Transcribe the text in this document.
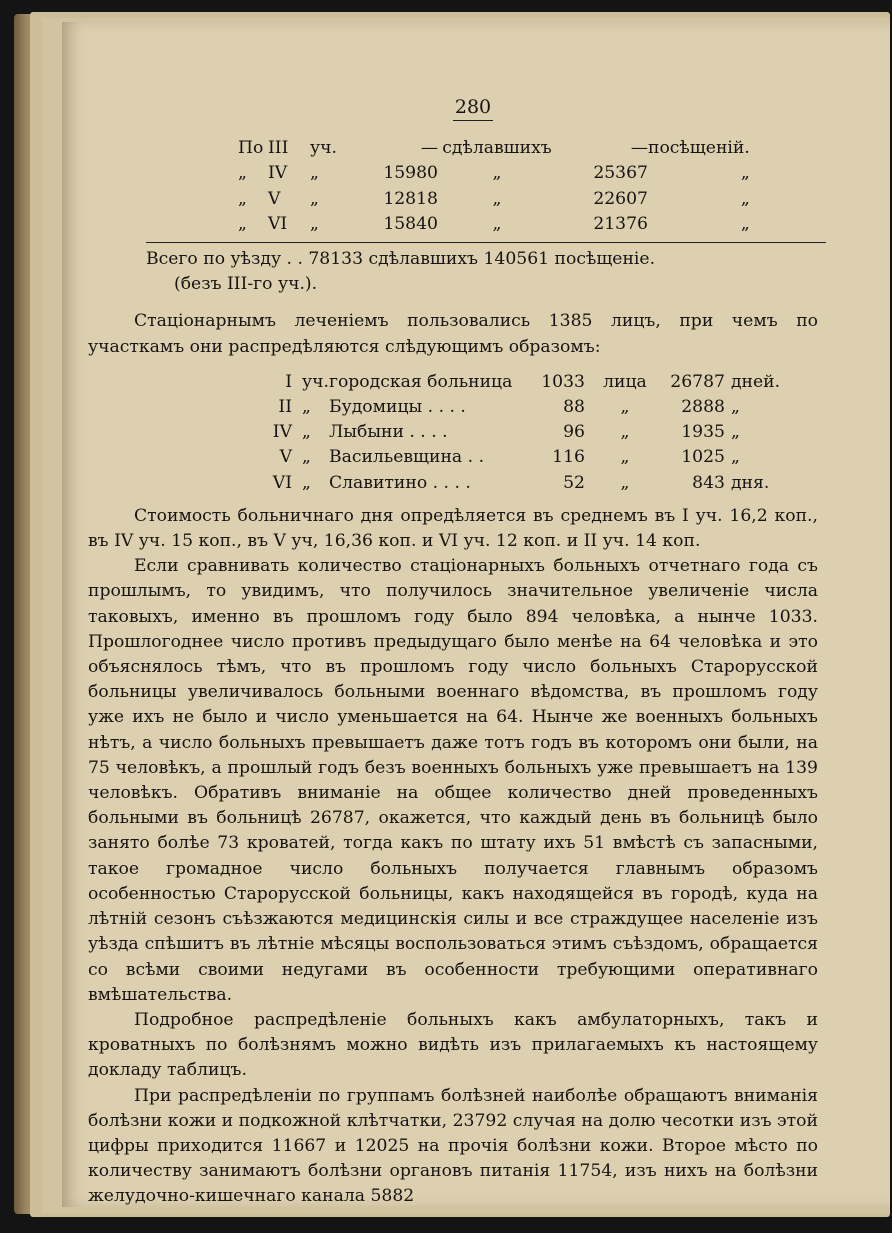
280
По	III	уч.	—	сдѣлавшихъ	—	посѣщеній.
„	IV	„	15980	„	25367	„
„	V	„	12818	„	22607	„
„	VI	„	15840	„	21376	„
Всего по уѣзду . . 78133 сдѣлавшихъ 140561 посѣщеніе.
(безъ III-го уч.).

Стаціонарнымъ леченіемъ пользовались 1385 лицъ, при чемъ по участкамъ они распредѣляются слѣдующимъ образомъ:

I	уч.	городская больница	1033	лица	26787	дней.
II	„	Будомицы . . . .	88	„	2888	„
IV	„	Лыбыни . . . .	96	„	1935	„
V	„	Васильевщина . .	116	„	1025	„
VI	„	Славитино . . . .	52	„	843	дня.

Стоимость больничнаго дня опредѣляется въ среднемъ въ I уч. 16,2 коп., въ IV уч. 15 коп., въ V уч, 16,36 коп. и VI уч. 12 коп. и II уч. 14 коп.

Если сравнивать количество стаціонарныхъ больныхъ отчетнаго года съ прошлымъ, то увидимъ, что получилось значительное увеличеніе числа таковыхъ, именно въ прошломъ году было 894 человѣка, а нынче 1033. Прошлогоднее число противъ предыдущаго было менѣе на 64 человѣка и это объяснялось тѣмъ, что въ прошломъ году число больныхъ Старорусской больницы увеличивалось больными военнаго вѣдомства, въ прошломъ году уже ихъ не было и число уменьшается на 64. Нынче же военныхъ больныхъ нѣтъ, а число больныхъ превышаетъ даже тотъ годъ въ которомъ они были, на 75 человѣкъ, а прошлый годъ безъ военныхъ больныхъ уже превышаетъ на 139 человѣкъ. Обративъ вниманіе на общее количество дней проведенныхъ больными въ больницѣ 26787, окажется, что каждый день въ больницѣ было занято болѣе 73 кроватей, тогда какъ по штату ихъ 51 вмѣстѣ съ запасными, такое громадное число больныхъ получается главнымъ образомъ особенностью Старорусской больницы, какъ находящейся въ городѣ, куда на лѣтній сезонъ съѣзжаются медицинскія силы и все страждущее населеніе изъ уѣзда спѣшитъ въ лѣтніе мѣсяцы воспользоваться этимъ съѣздомъ, обращается со всѣми своими недугами въ особенности требующими оперативнаго вмѣшательства.

Подробное распредѣленіе больныхъ какъ амбулаторныхъ, такъ и кроватныхъ по болѣзнямъ можно видѣть изъ прилагаемыхъ къ настоящему докладу таблицъ.

При распредѣленіи по группамъ болѣзней наиболѣе обращаютъ вниманія болѣзни кожи и подкожной клѣтчатки, 23792 случая на долю чесотки изъ этой цифры приходится 11667 и 12025 на прочія болѣзни кожи. Второе мѣсто по количеству занимаютъ болѣзни органовъ питанія 11754, изъ нихъ на болѣзни желудочно-кишечнаго канала 5882
